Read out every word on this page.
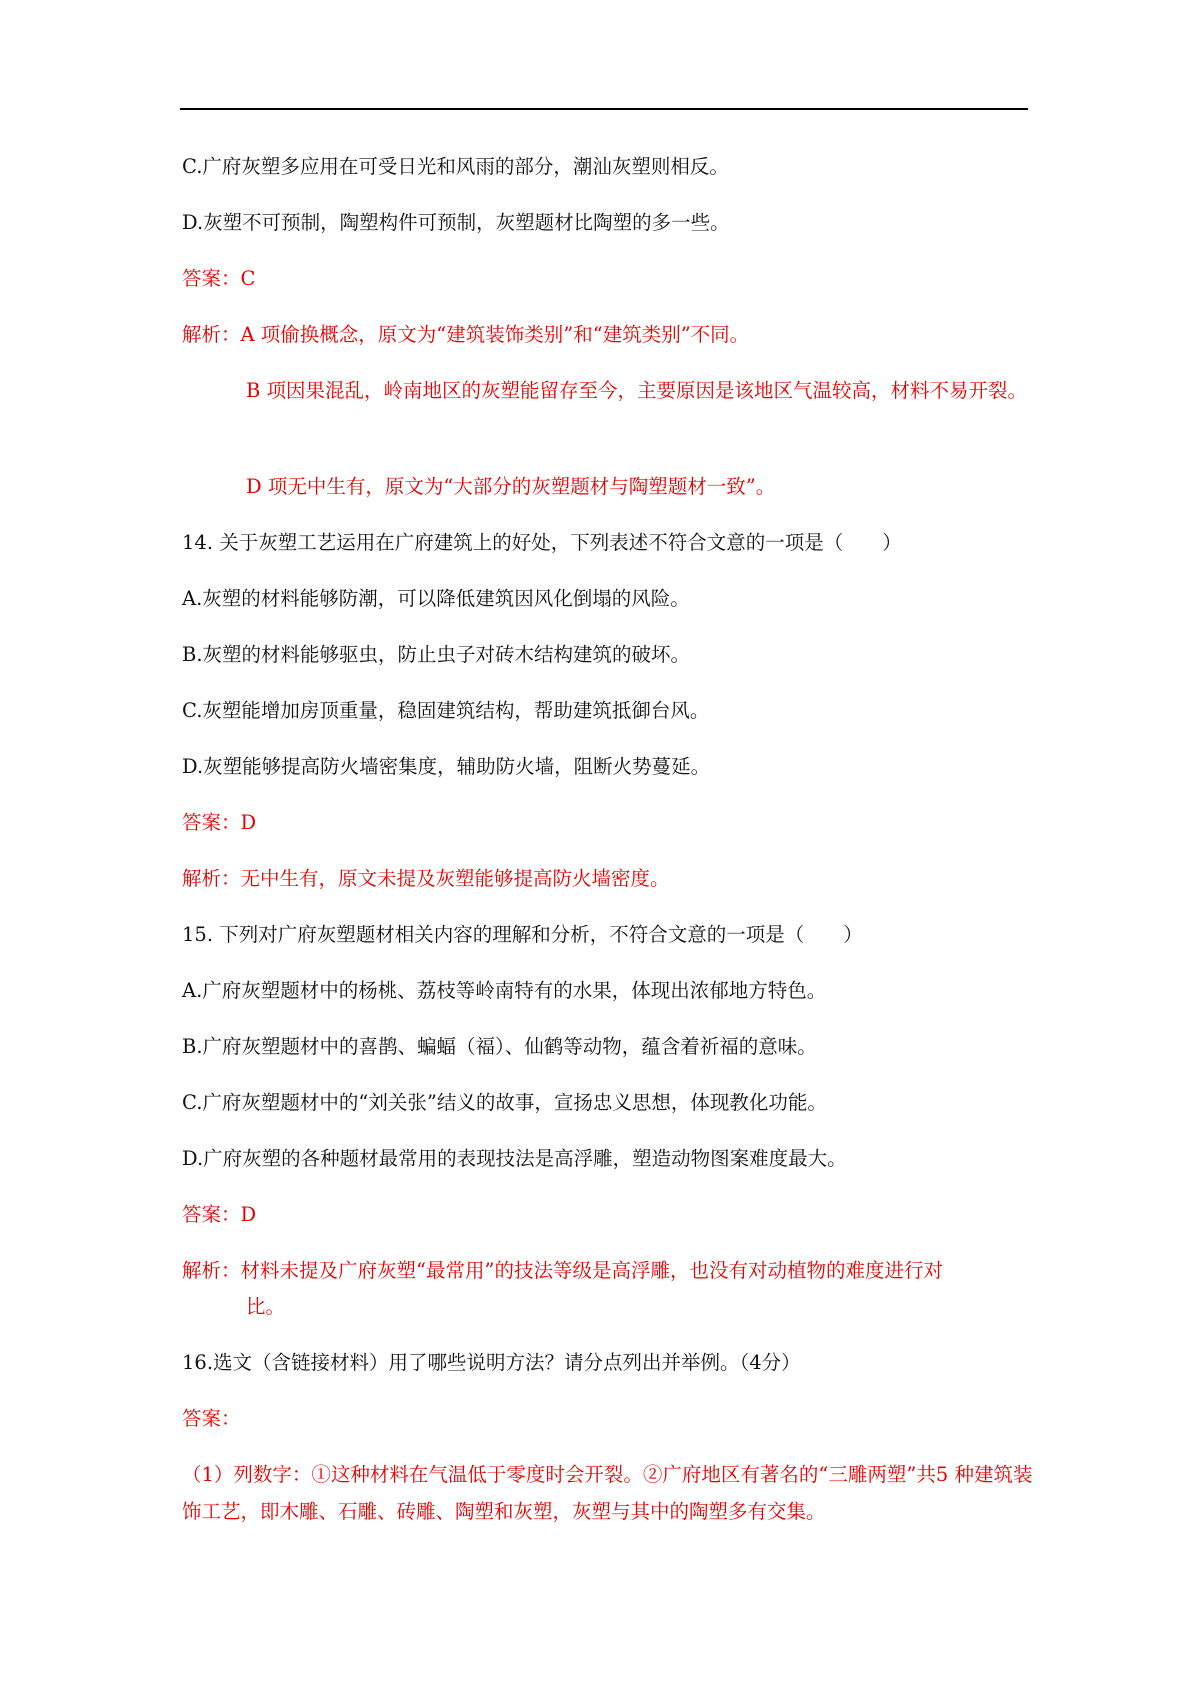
C.广府灰塑多应用在可受日光和风雨的部分，潮汕灰塑则相反。
D.灰塑不可预制，陶塑构件可预制，灰塑题材比陶塑的多一些。
答案：C
解析：A 项偷换概念，原文为“建筑装饰类别”和“建筑类别”不同。
B 项因果混乱，岭南地区的灰塑能留存至今，主要原因是该地区气温较高，材料不易开裂。
D 项无中生有，原文为“大部分的灰塑题材与陶塑题材一致”。
14. 关于灰塑工艺运用在广府建筑上的好处，下列表述不符合文意的一项是（　　）
A.灰塑的材料能够防潮，可以降低建筑因风化倒塌的风险。
B.灰塑的材料能够驱虫，防止虫子对砖木结构建筑的破坏。
C.灰塑能增加房顶重量，稳固建筑结构，帮助建筑抵御台风。
D.灰塑能够提高防火墙密集度，辅助防火墙，阻断火势蔓延。
答案：D
解析：无中生有，原文未提及灰塑能够提高防火墙密度。
15. 下列对广府灰塑题材相关内容的理解和分析，不符合文意的一项是（　　）
A.广府灰塑题材中的杨桃、荔枝等岭南特有的水果，体现出浓郁地方特色。
B.广府灰塑题材中的喜鹊、蝙蝠（福）、仙鹤等动物，蕴含着祈福的意味。
C.广府灰塑题材中的“刘关张”结义的故事，宣扬忠义思想，体现教化功能。
D.广府灰塑的各种题材最常用的表现技法是高浮雕，塑造动物图案难度最大。
答案：D
解析：材料未提及广府灰塑“最常用”的技法等级是高浮雕，也没有对动植物的难度进行对
比。
16.选文（含链接材料）用了哪些说明方法？请分点列出并举例。（4分）
答案：
（1）列数字：①这种材料在气温低于零度时会开裂。②广府地区有著名的“三雕两塑”共5 种建筑装饰工艺，即木雕、石雕、砖雕、陶塑和灰塑，灰塑与其中的陶塑多有交集。
